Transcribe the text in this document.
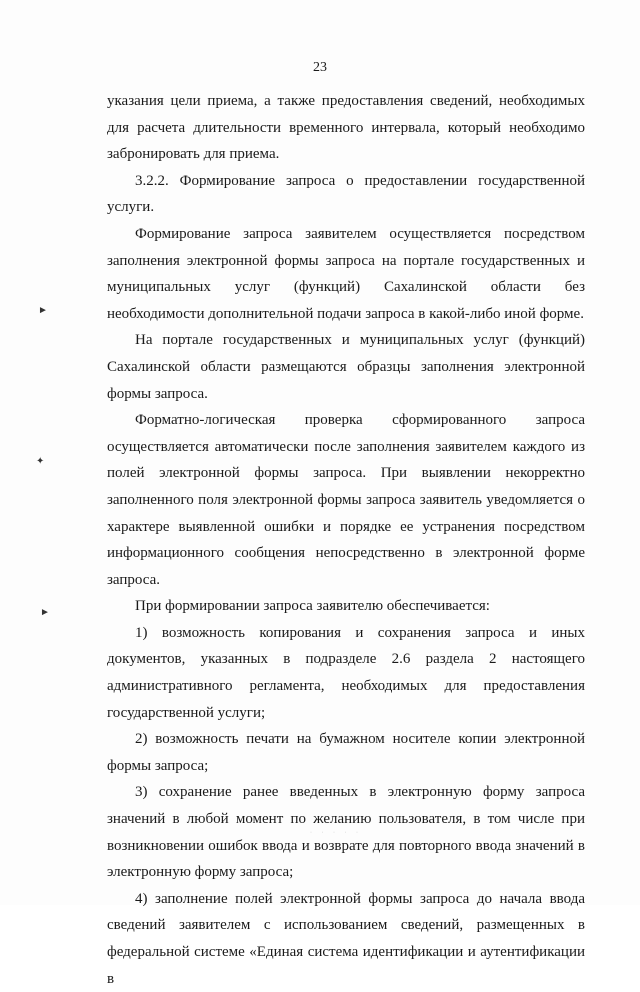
23

указания цели приема, а также предоставления сведений, необходимых для расчета длительности временного интервала, который необходимо забронировать для приема.

3.2.2. Формирование запроса о предоставлении государственной услуги.

Формирование запроса заявителем осуществляется посредством заполнения электронной формы запроса на портале государственных и муниципальных услуг (функций) Сахалинской области без необходимости дополнительной подачи запроса в какой-либо иной форме.

На портале государственных и муниципальных услуг (функций) Сахалинской области размещаются образцы заполнения электронной формы запроса.

Форматно-логическая проверка сформированного запроса осуществляется автоматически после заполнения заявителем каждого из полей электронной формы запроса. При выявлении некорректно заполненного поля электронной формы запроса заявитель уведомляется о характере выявленной ошибки и порядке ее устранения посредством информационного сообщения непосредственно в электронной форме запроса.

При формировании запроса заявителю обеспечивается:

1) возможность копирования и сохранения запроса и иных документов, указанных в подразделе 2.6 раздела 2 настоящего административного регламента, необходимых для предоставления государственной услуги;

2) возможность печати на бумажном носителе копии электронной формы запроса;

3) сохранение ранее введенных в электронную форму запроса значений в любой момент по желанию пользователя, в том числе при возникновении ошибок ввода и возврате для повторного ввода значений в электронную форму запроса;

4) заполнение полей электронной формы запроса до начала ввода сведений заявителем с использованием сведений, размещенных в федеральной системе «Единая система идентификации и аутентификации в

►
✦
►
· · · · ·
